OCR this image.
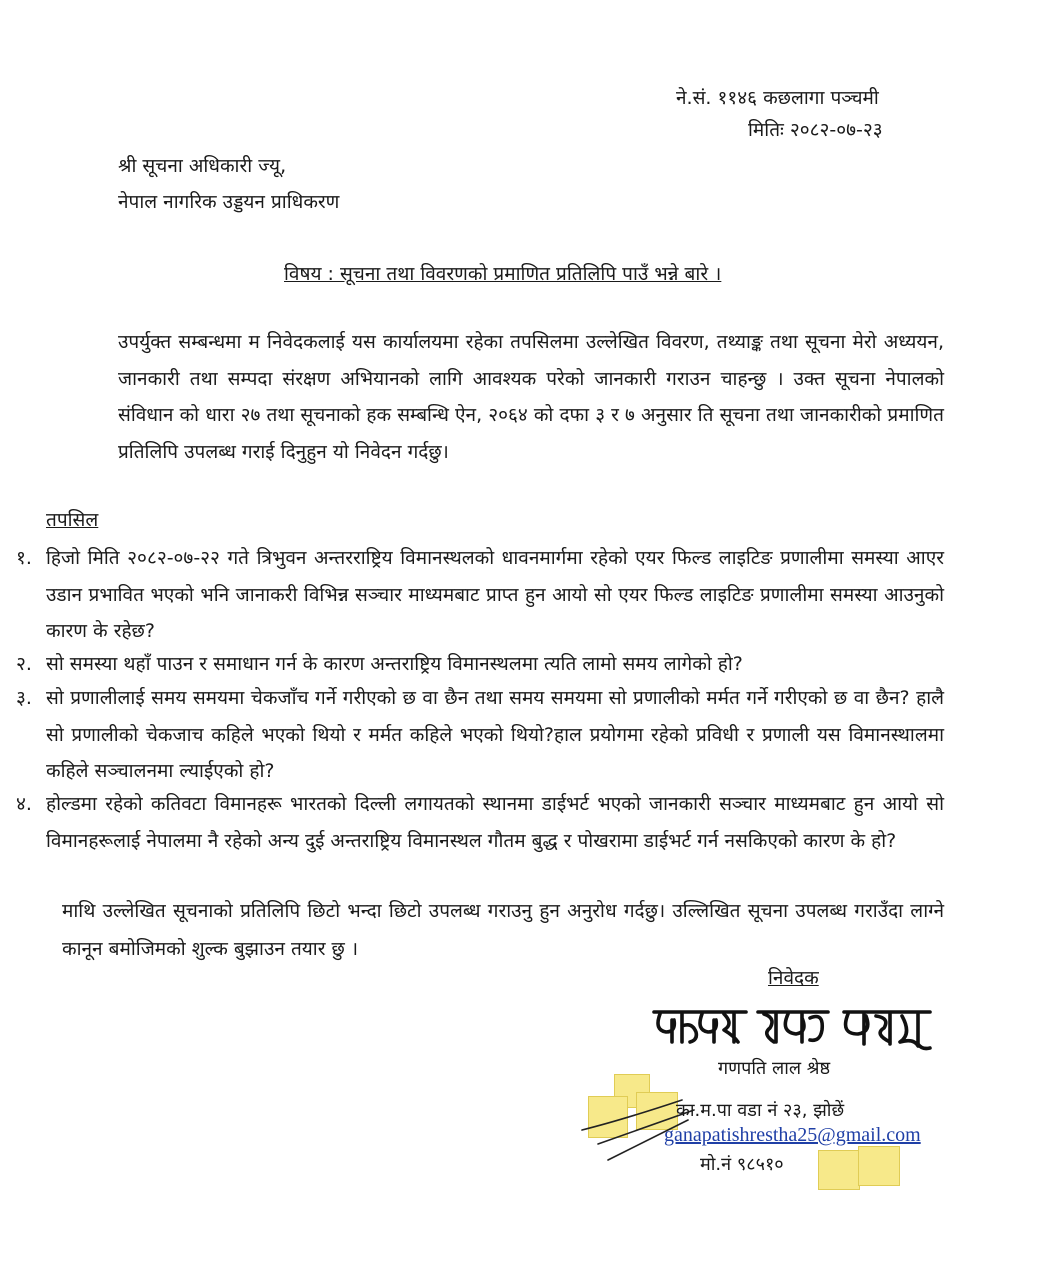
ने.सं. ११४६ कछलागा पञ्चमी
मितिः २०८२-०७-२३
श्री सूचना अधिकारी ज्यू,
नेपाल नागरिक उड्डयन प्राधिकरण
विषय : सूचना तथा विवरणको प्रमाणित प्रतिलिपि पाउँ भन्ने बारे ।
उपर्युक्त सम्बन्धमा म निवेदकलाई यस कार्यालयमा रहेका तपसिलमा उल्लेखित विवरण, तथ्याङ्क तथा सूचना मेरो अध्ययन, जानकारी तथा सम्पदा संरक्षण अभियानको लागि आवश्यक परेको जानकारी गराउन चाहन्छु । उक्त सूचना नेपालको संविधान को धारा २७ तथा सूचनाको हक सम्बन्धि ऐन, २०६४ को दफा ३ र ७ अनुसार ति सूचना तथा जानकारीको प्रमाणित प्रतिलिपि उपलब्ध गराई दिनुहुन यो निवेदन गर्दछु।
तपसिल
१. हिजो मिति २०८२-०७-२२ गते त्रिभुवन अन्तरराष्ट्रिय विमानस्थलको धावनमार्गमा रहेको एयर फिल्ड लाइटिङ प्रणालीमा समस्या आएर उडान प्रभावित भएको भनि जानाकरी विभिन्न सञ्चार माध्यमबाट प्राप्त हुन आयो सो एयर फिल्ड लाइटिङ प्रणालीमा समस्या आउनुको कारण के रहेछ?
२. सो समस्या थहाँ पाउन र समाधान गर्न के कारण अन्तराष्ट्रिय विमानस्थलमा त्यति लामो समय लागेको हो?
३. सो प्रणालीलाई समय समयमा चेकजाँच गर्ने गरीएको छ वा छैन तथा समय समयमा सो प्रणालीको मर्मत गर्ने गरीएको छ वा छैन? हालै सो प्रणालीको चेकजाच कहिले भएको थियो र मर्मत कहिले भएको थियो?हाल प्रयोगमा रहेको प्रविधी र प्रणाली यस विमानस्थालमा कहिले सञ्चालनमा ल्याईएको हो?
४. होल्डमा रहेको कतिवटा विमानहरू भारतको दिल्ली लगायतको स्थानमा डाईभर्ट भएको जानकारी सञ्चार माध्यमबाट हुन आयो सो विमानहरूलाई नेपालमा नै रहेको अन्य दुई अन्तराष्ट्रिय विमानस्थल गौतम बुद्ध र पोखरामा डाईभर्ट गर्न नसकिएको कारण के हो?
माथि उल्लेखित सूचनाको प्रतिलिपि छिटो भन्दा छिटो उपलब्ध गराउनु हुन अनुरोध गर्दछु। उल्लिखित सूचना उपलब्ध गराउँदा लाग्ने कानून बमोजिमको शुल्क बुझाउन तयार छु ।
निवेदक
गणपति लाल श्रेष्ठ
का.म.पा वडा नं २३, झोछें
ganapatishrestha25@gmail.com
मो.नं ९८५१०
